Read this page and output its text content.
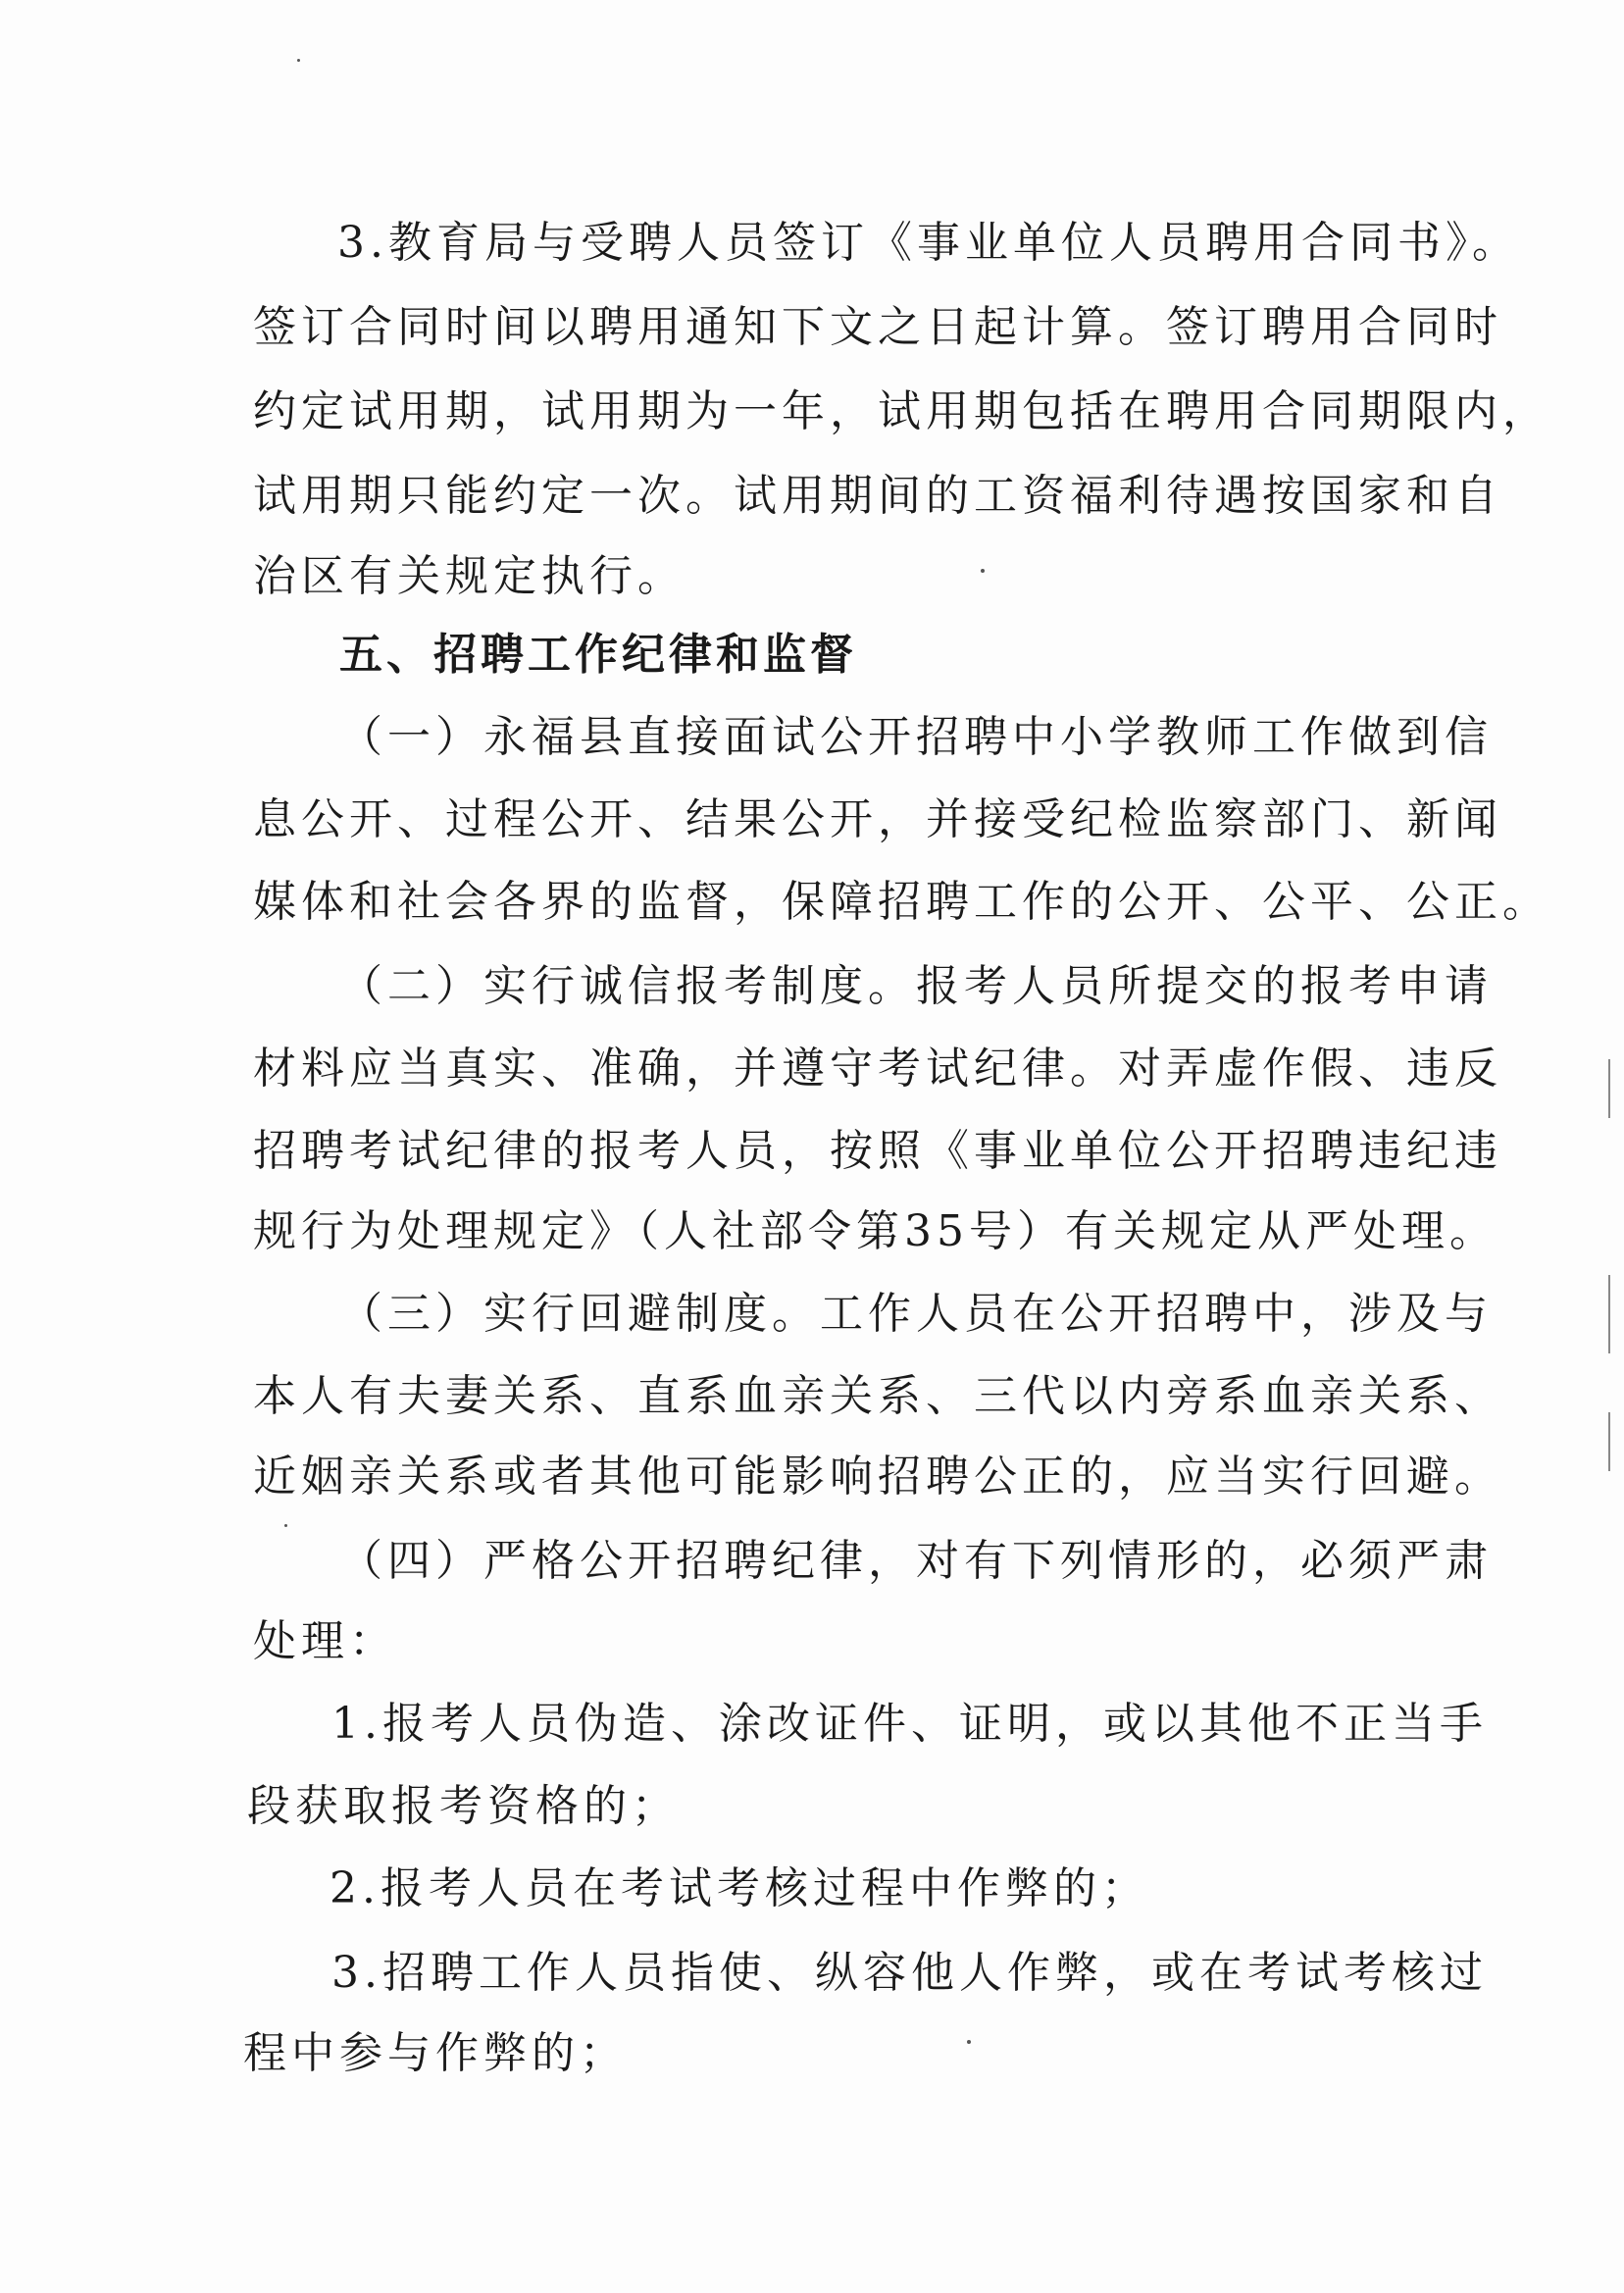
3.教育局与受聘人员签订《事业单位人员聘用合同书》。
签订合同时间以聘用通知下文之日起计算。签订聘用合同时
约定试用期，试用期为一年，试用期包括在聘用合同期限内，
试用期只能约定一次。试用期间的工资福利待遇按国家和自
治区有关规定执行。
五、招聘工作纪律和监督
（一）永福县直接面试公开招聘中小学教师工作做到信
息公开、过程公开、结果公开，并接受纪检监察部门、新闻
媒体和社会各界的监督，保障招聘工作的公开、公平、公正。
（二）实行诚信报考制度。报考人员所提交的报考申请
材料应当真实、准确，并遵守考试纪律。对弄虚作假、违反
招聘考试纪律的报考人员，按照《事业单位公开招聘违纪违
规行为处理规定》（人社部令第35号）有关规定从严处理。
（三）实行回避制度。工作人员在公开招聘中，涉及与
本人有夫妻关系、直系血亲关系、三代以内旁系血亲关系、
近姻亲关系或者其他可能影响招聘公正的，应当实行回避。
（四）严格公开招聘纪律，对有下列情形的，必须严肃
处理：
1.报考人员伪造、涂改证件、证明，或以其他不正当手
段获取报考资格的；
2.报考人员在考试考核过程中作弊的；
3.招聘工作人员指使、纵容他人作弊，或在考试考核过
程中参与作弊的；
